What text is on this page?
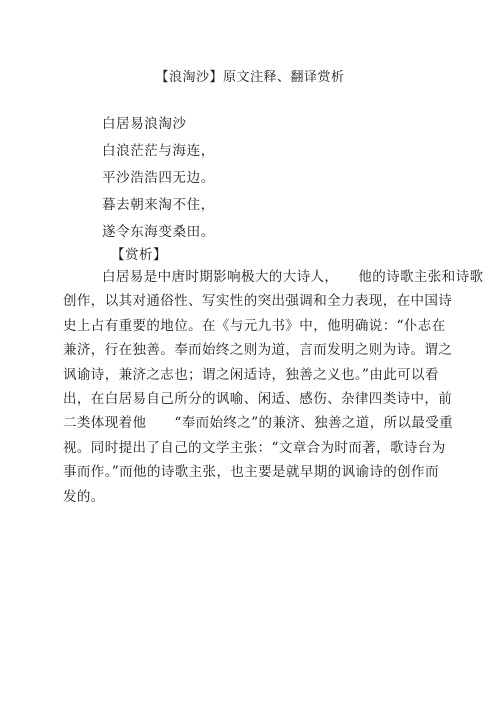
【浪淘沙】原文注释、翻译赏析
白居易浪淘沙
白浪茫茫与海连，
平沙浩浩四无边。
暮去朝来淘不住，
遂令东海变桑田。
【赏析】
白居易是中唐时期影响极大的大诗人， 他的诗歌主张和诗歌
创作，以其对通俗性、写实性的突出强调和全力表现，在中国诗
史上占有重要的地位。在《与元九书》中，他明确说：“仆志在
兼济，行在独善。奉而始终之则为道，言而发明之则为诗。谓之
讽谕诗，兼济之志也；谓之闲适诗，独善之义也。”由此可以看
出，在白居易自己所分的讽喻、闲适、感伤、杂律四类诗中，前
二类体现着他 “奉而始终之”的兼济、独善之道，所以最受重
视。同时提出了自己的文学主张：“文章合为时而著，歌诗台为
事而作。”而他的诗歌主张，也主要是就早期的讽谕诗的创作而
发的。
